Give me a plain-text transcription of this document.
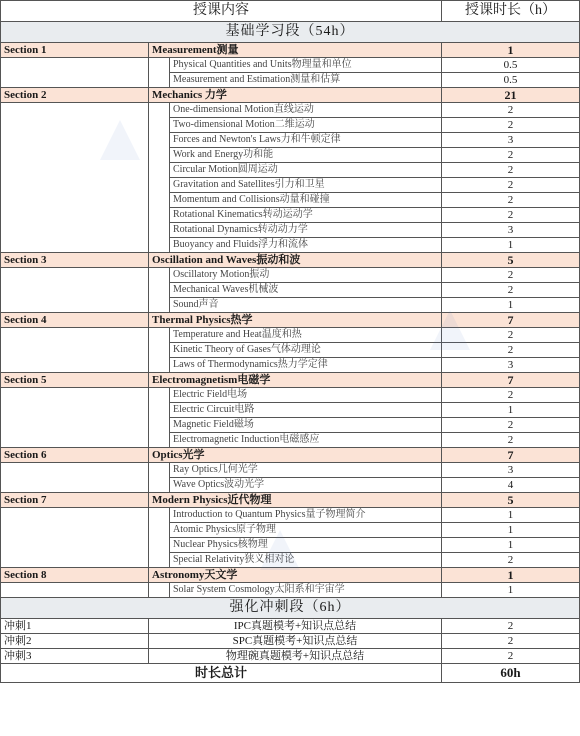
授课内容			授课时长（h）
基础学习段（54h）			
Section 1	Measurement测量		1
		Physical Quantities and Units物理量和单位	0.5
		Measurement and Estimation测量和估算	0.5
Section 2	Mechanics 力学		21
		One-dimensional Motion直线运动	2
		Two-dimensional Motion二维运动	2
		Forces and Newton's Laws力和牛顿定律	3
		Work and Energy功和能	2
		Circular Motion圆周运动	2
		Gravitation and Satellites引力和卫星	2
		Momentum and Collisions动量和碰撞	2
		Rotational Kinematics转动运动学	2
		Rotational Dynamics转动动力学	3
		Buoyancy and Fluids浮力和流体	1
Section 3	Oscillation and Waves振动和波		5
		Oscillatory Motion振动	2
		Mechanical Waves机械波	2
		Sound声音	1
Section 4	Thermal Physics热学		7
		Temperature and Heat温度和热	2
		Kinetic Theory of Gases气体动理论	2
		Laws of Thermodynamics热力学定律	3
Section 5	Electromagnetism电磁学		7
		Electric Field电场	2
		Electric Circuit电路	1
		Magnetic Field磁场	2
		Electromagnetic Induction电磁感应	2
Section 6	Optics光学		7
		Ray Optics几何光学	3
		Wave Optics波动光学	4
Section 7	Modern Physics近代物理		5
		Introduction to Quantum Physics量子物理简介	1
		Atomic Physics原子物理	1
		Nuclear Physics核物理	1
		Special Relativity狭义相对论	2
Section 8	Astronomy天文学		1
		Solar System Cosmology太阳系和宇宙学	1
强化冲刺段（6h）			
冲刺1	IPC真题模考+知识点总结		2
冲刺2	SPC真题模考+知识点总结		2
冲刺3	物理碗真题模考+知识点总结		2
时长总计			60h
